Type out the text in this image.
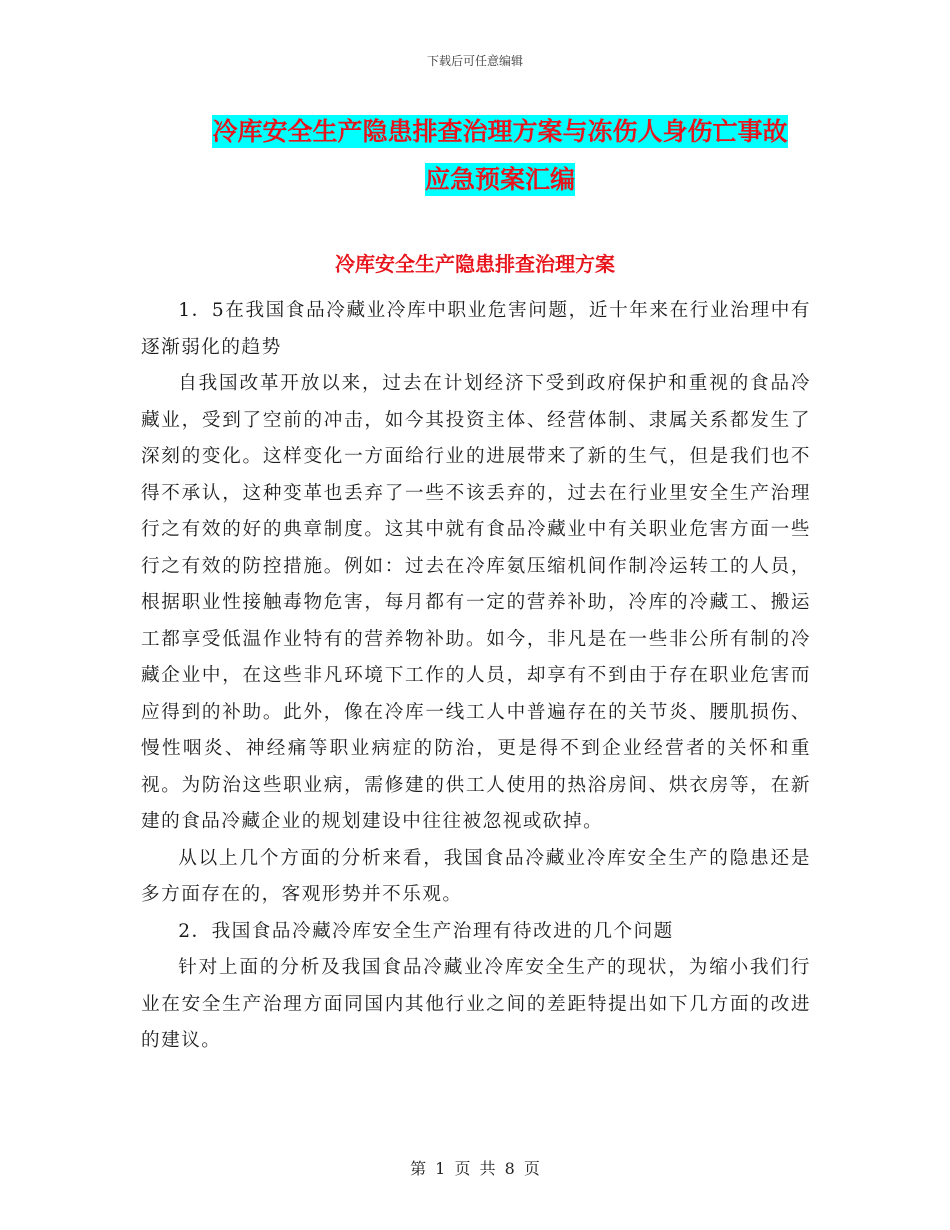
下载后可任意编辑
冷库安全生产隐患排查治理方案与冻伤人身伤亡事故
应急预案汇编
冷库安全生产隐患排查治理方案

1．5在我国食品冷藏业冷库中职业危害问题，近十年来在行业治理中有逐渐弱化的趋势

自我国改革开放以来，过去在计划经济下受到政府保护和重视的食品冷藏业，受到了空前的冲击，如今其投资主体、经营体制、隶属关系都发生了深刻的变化。这样变化一方面给行业的进展带来了新的生气，但是我们也不得不承认，这种变革也丢弃了一些不该丢弃的，过去在行业里安全生产治理行之有效的好的典章制度。这其中就有食品冷藏业中有关职业危害方面一些行之有效的防控措施。例如：过去在冷库氨压缩机间作制冷运转工的人员，根据职业性接触毒物危害，每月都有一定的营养补助，冷库的冷藏工、搬运工都享受低温作业特有的营养物补助。如今，非凡是在一些非公所有制的冷藏企业中，在这些非凡环境下工作的人员，却享有不到由于存在职业危害而应得到的补助。此外，像在冷库一线工人中普遍存在的关节炎、腰肌损伤、慢性咽炎、神经痛等职业病症的防治，更是得不到企业经营者的关怀和重视。为防治这些职业病，需修建的供工人使用的热浴房间、烘衣房等，在新建的食品冷藏企业的规划建设中往往被忽视或砍掉。

从以上几个方面的分析来看，我国食品冷藏业冷库安全生产的隐患还是多方面存在的，客观形势并不乐观。

2．我国食品冷藏冷库安全生产治理有待改进的几个问题

针对上面的分析及我国食品冷藏业冷库安全生产的现状，为缩小我们行业在安全生产治理方面同国内其他行业之间的差距特提出如下几方面的改进的建议。

第 1 页 共 8 页
